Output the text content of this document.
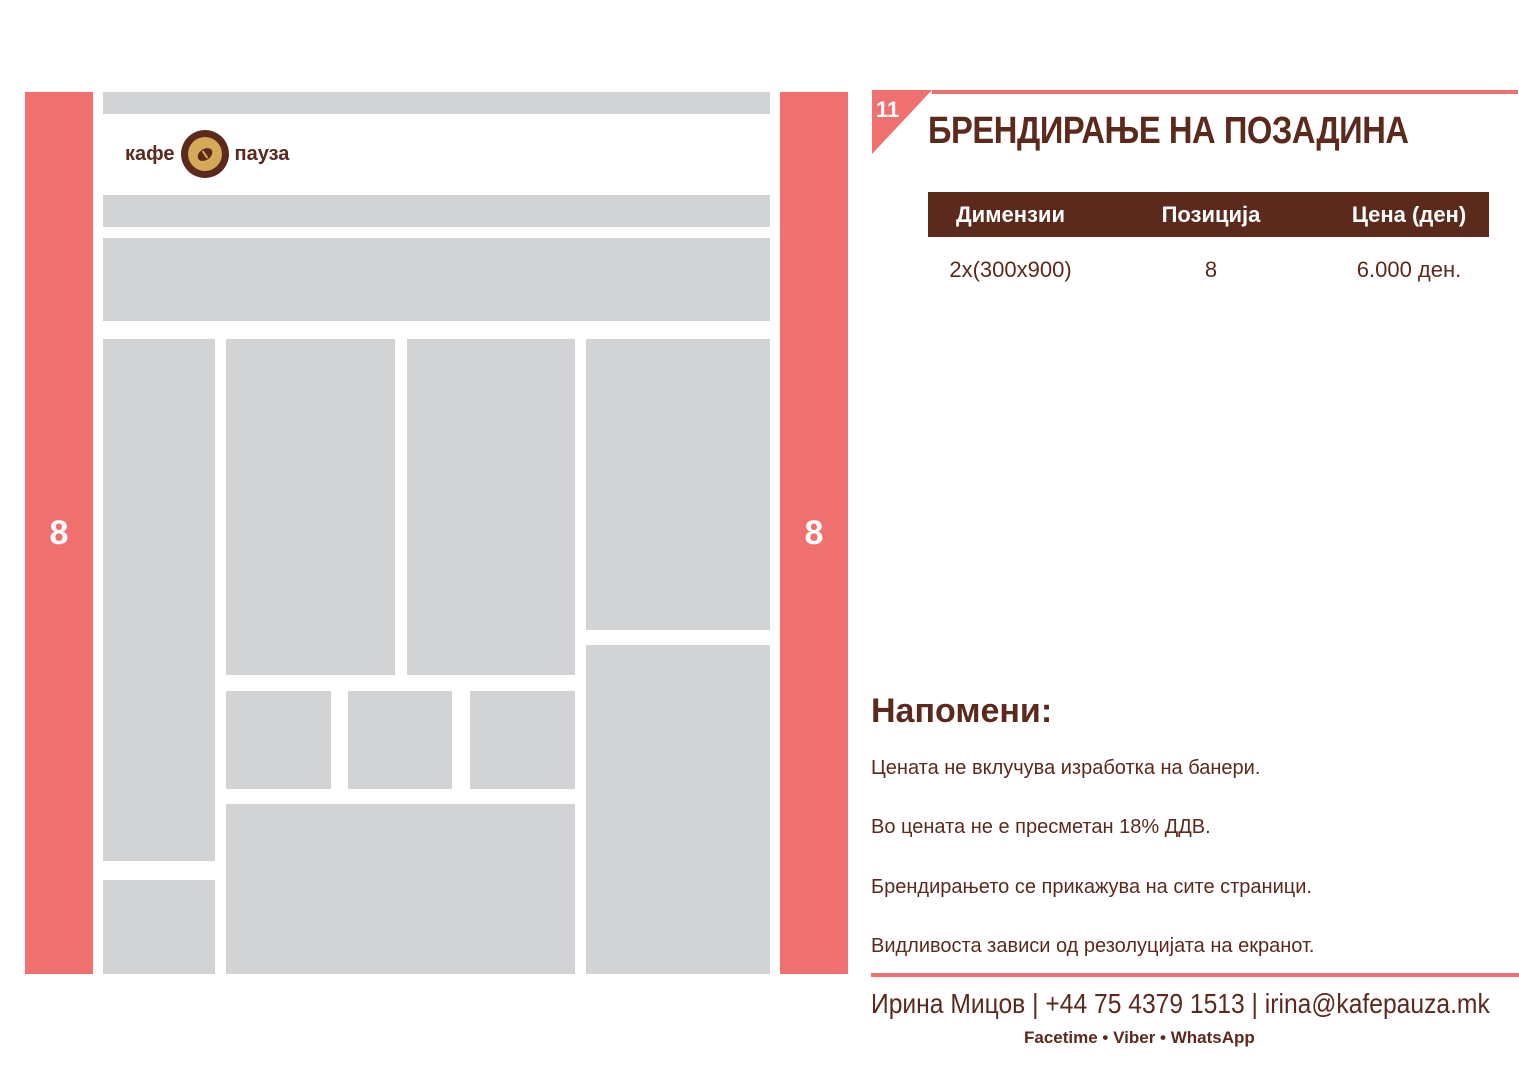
8	8
кафе	пауза
11
БРЕНДИРАЊЕ НА ПОЗАДИНА
Димензии	Позиција	Цена (ден)
2x(300x900)	8	6.000 ден.
Напомени:
Цената не вклучува изработка на банери.
Во цената не е пресметан 18% ДДВ.
Брендирањето се прикажува на сите страници.
Видливоста зависи од резолуцијата на екранот.
Ирина Мицов | +44 75 4379 1513 | irina@kafepauza.mk
Facetime • Viber • WhatsApp
